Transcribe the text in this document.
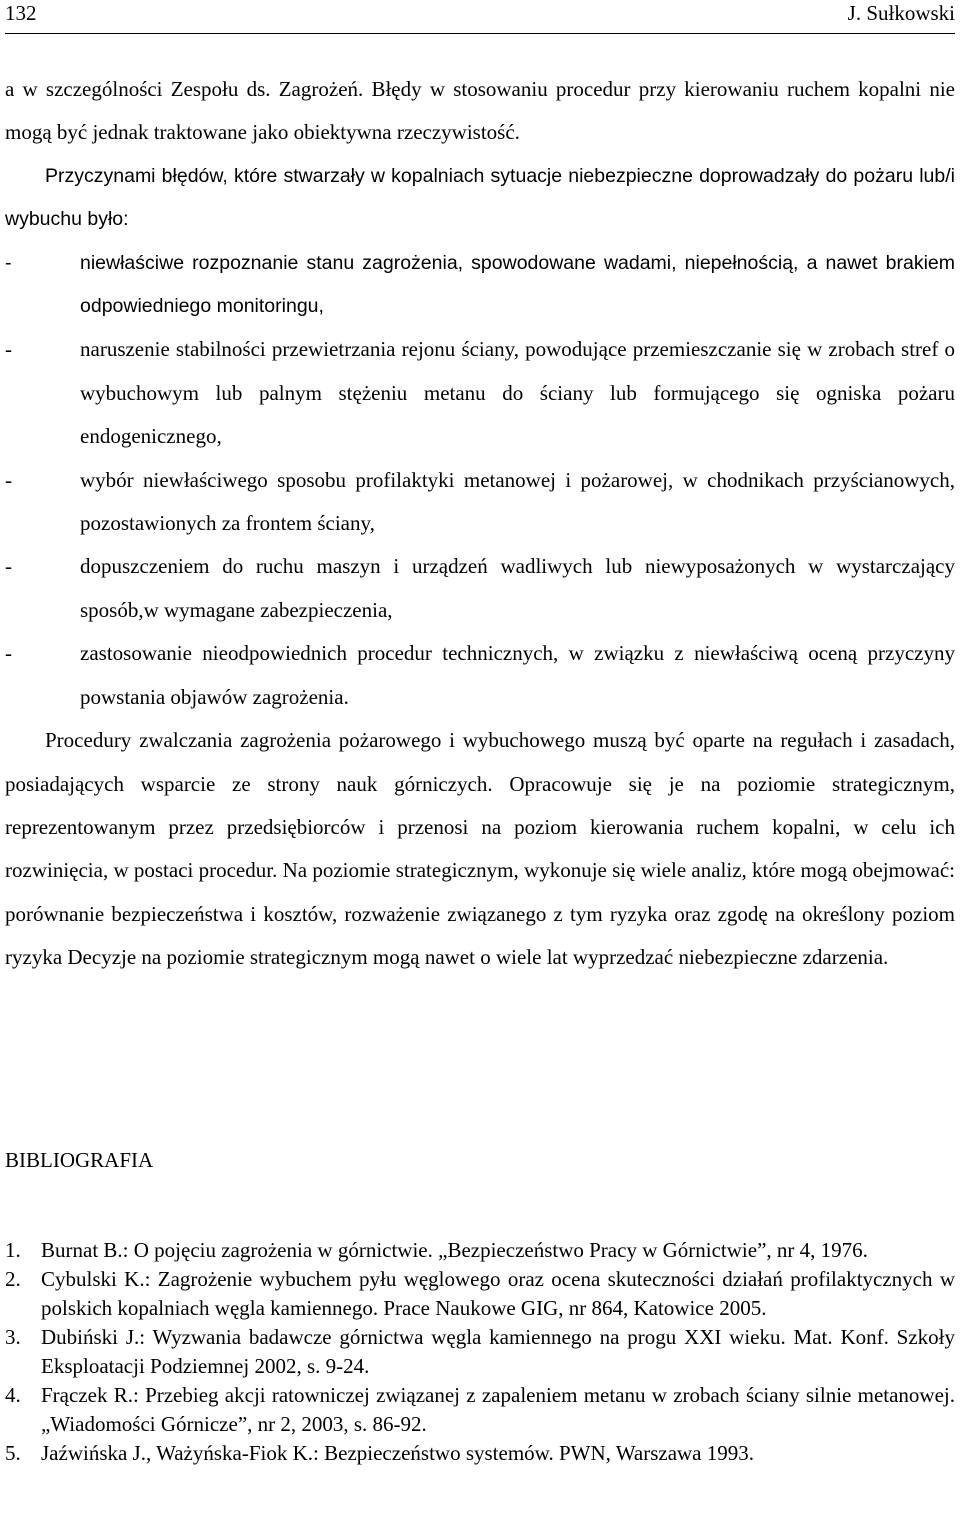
132	J. Sułkowski

a w szczególności Zespołu ds. Zagrożeń. Błędy w stosowaniu procedur przy kierowaniu ruchem kopalni nie mogą być jednak traktowane jako obiektywna rzeczywistość.

Przyczynami błędów, które stwarzały w kopalniach sytuacje niebezpieczne doprowadzały do pożaru lub/i wybuchu było:

-	niewłaściwe rozpoznanie stanu zagrożenia, spowodowane wadami, niepełnością, a nawet brakiem odpowiedniego monitoringu,
-	naruszenie stabilności przewietrzania rejonu ściany, powodujące przemieszczanie się w zrobach stref o wybuchowym lub palnym stężeniu metanu do ściany lub formującego się ogniska pożaru endogenicznego,
-	wybór niewłaściwego sposobu profilaktyki metanowej i pożarowej, w chodnikach przyścianowych, pozostawionych za frontem ściany,
-	dopuszczeniem do ruchu maszyn i urządzeń wadliwych lub niewyposażonych w wystarczający sposób,w wymagane zabezpieczenia,
-	zastosowanie nieodpowiednich procedur technicznych, w związku z niewłaściwą oceną przyczyny powstania objawów zagrożenia.

Procedury zwalczania zagrożenia pożarowego i wybuchowego muszą być oparte na regułach i zasadach, posiadających wsparcie ze strony nauk górniczych. Opracowuje się je na poziomie strategicznym, reprezentowanym przez przedsiębiorców i przenosi na poziom kierowania ruchem kopalni, w celu ich rozwinięcia, w postaci procedur. Na poziomie strategicznym, wykonuje się wiele analiz, które mogą obejmować: porównanie bezpieczeństwa i kosztów, rozważenie związanego z tym ryzyka oraz zgodę na określony poziom ryzyka Decyzje na poziomie strategicznym mogą nawet o wiele lat wyprzedzać niebezpieczne zdarzenia.

BIBLIOGRAFIA
1. Burnat B.: O pojęciu zagrożenia w górnictwie. „Bezpieczeństwo Pracy w Górnictwie”, nr 4, 1976.
2. Cybulski K.: Zagrożenie wybuchem pyłu węglowego oraz ocena skuteczności działań profilaktycznych w polskich kopalniach węgla kamiennego. Prace Naukowe GIG, nr 864, Katowice 2005.
3. Dubiński J.: Wyzwania badawcze górnictwa węgla kamiennego na progu XXI wieku. Mat. Konf. Szkoły Eksploatacji Podziemnej 2002, s. 9-24.
4. Frączek R.: Przebieg akcji ratowniczej związanej z zapaleniem metanu w zrobach ściany silnie metanowej. „Wiadomości Górnicze”, nr 2, 2003, s. 86-92.
5. Jaźwińska J., Ważyńska-Fiok K.: Bezpieczeństwo systemów. PWN, Warszawa 1993.
